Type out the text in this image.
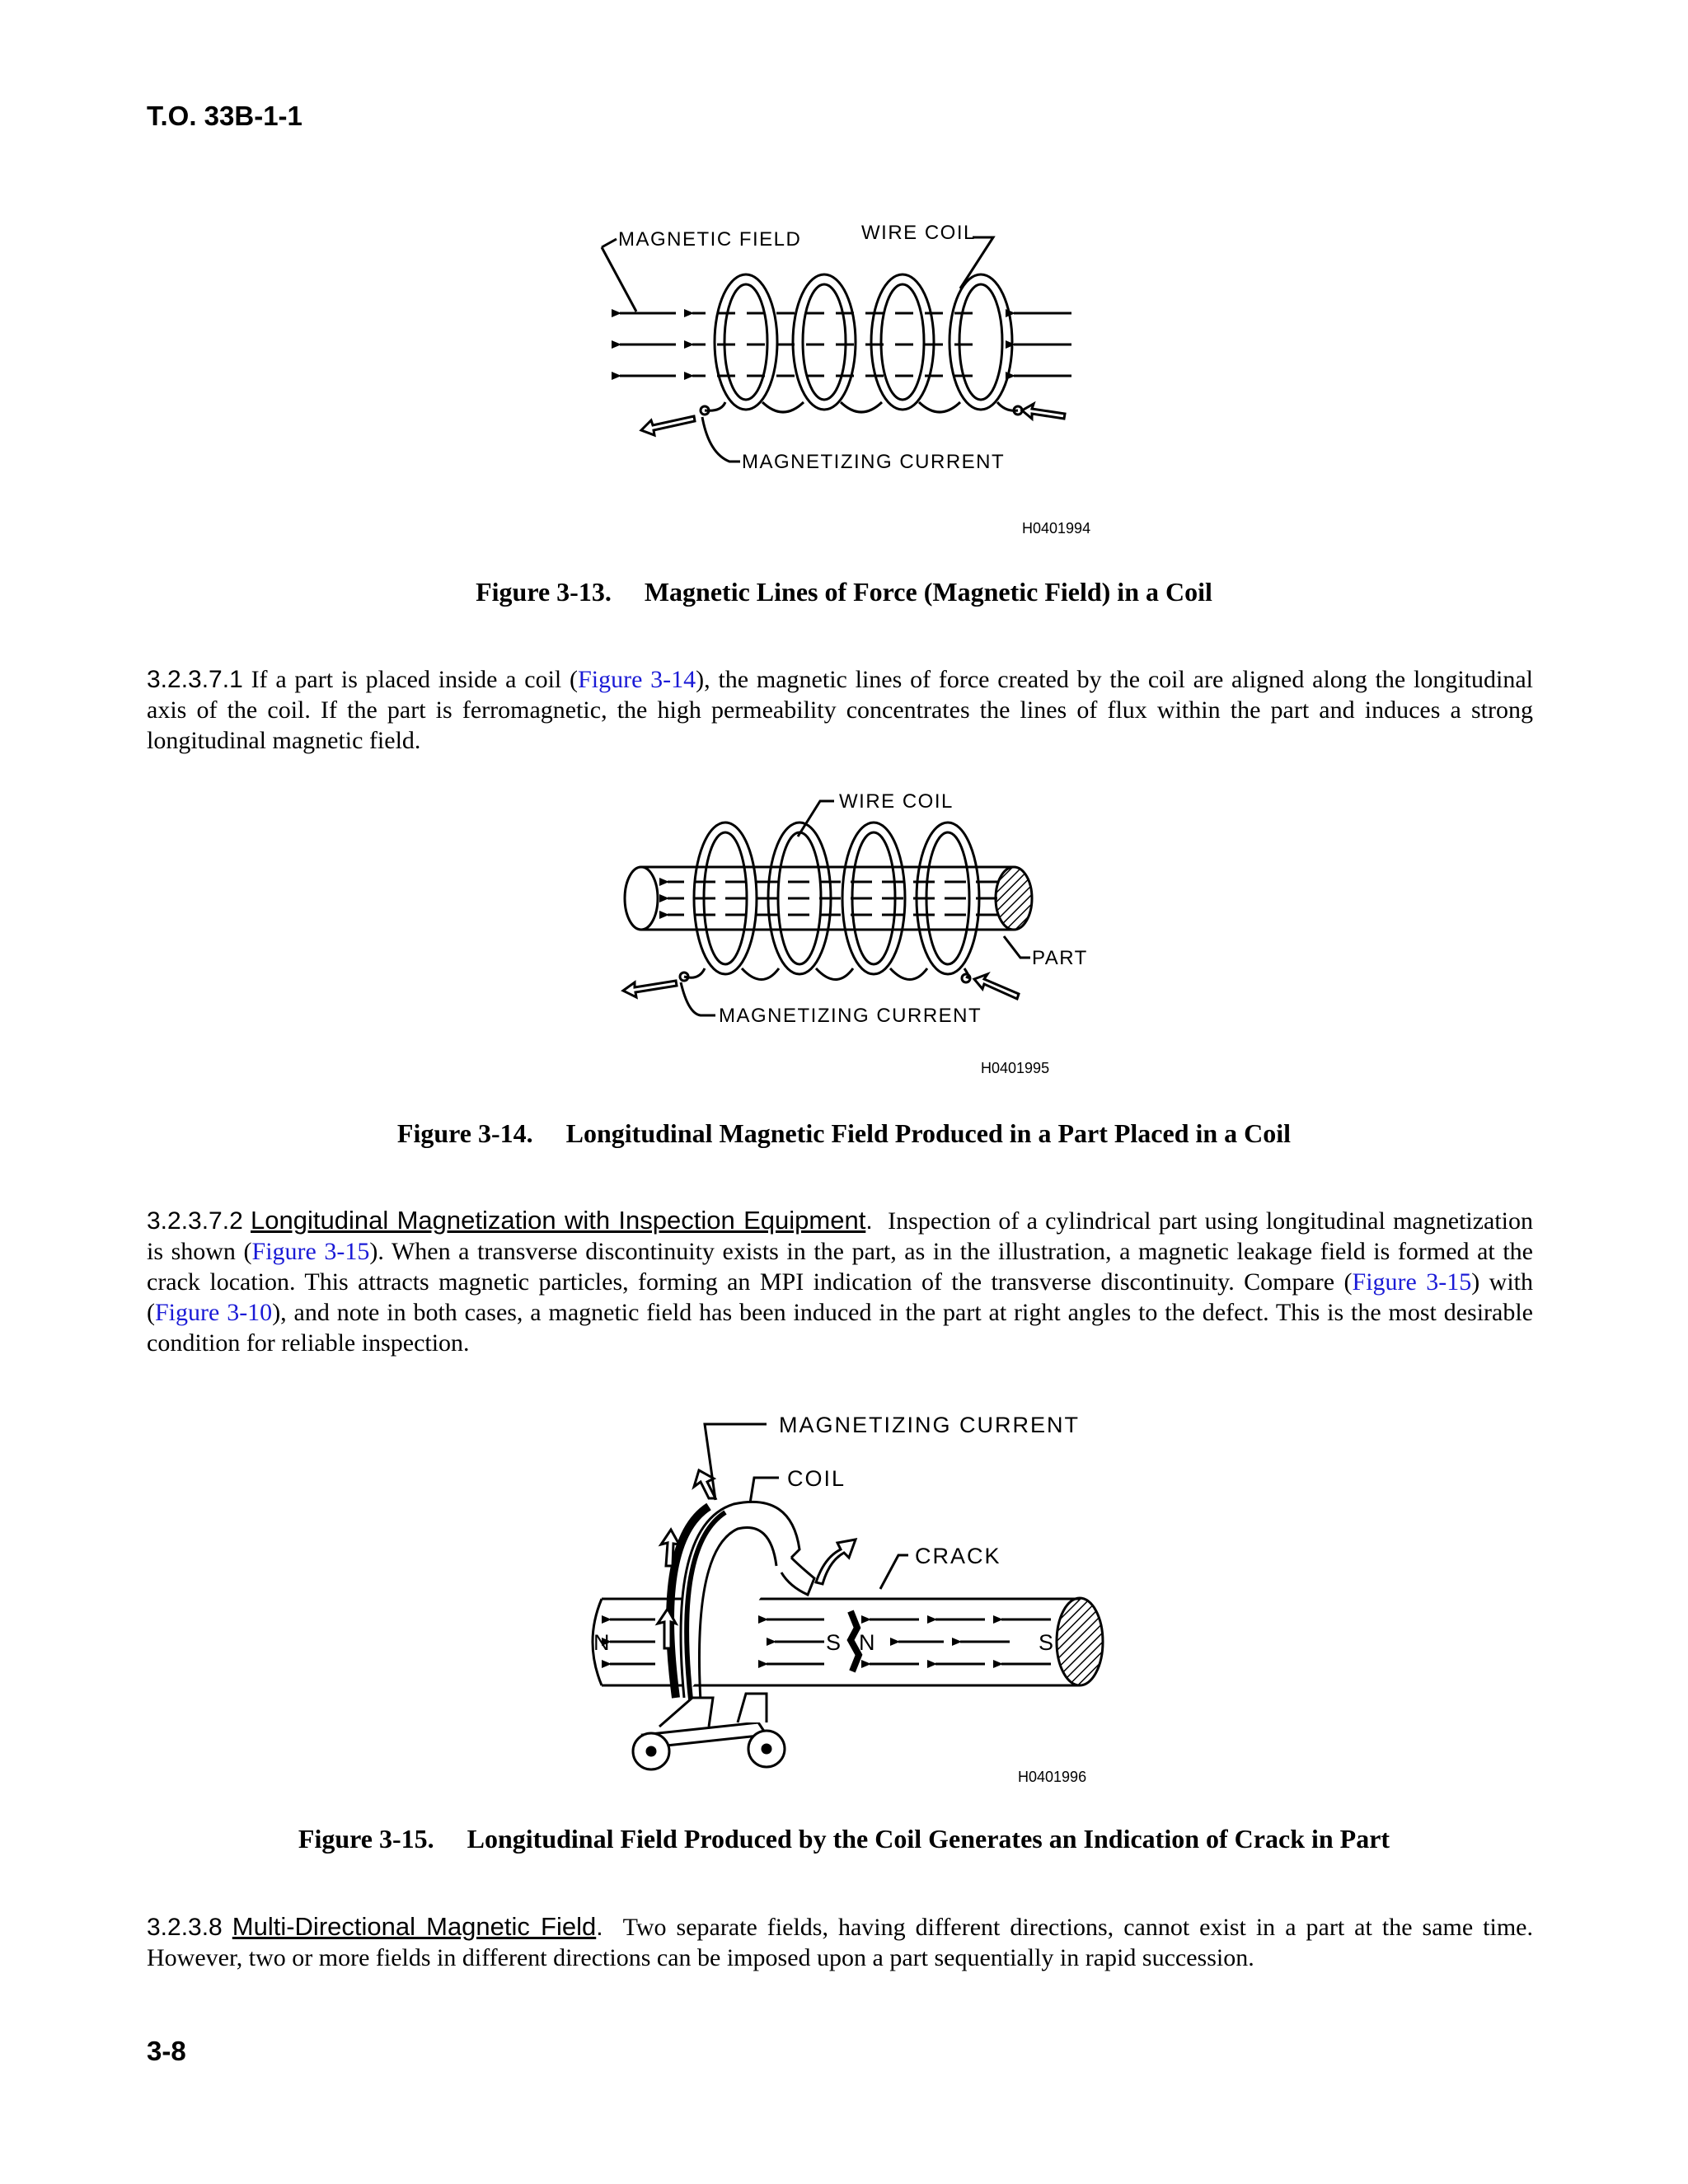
T.O. 33B-1-1
MAGNETIC FIELD	WIRE COIL
MAGNETIZING CURRENT
H0401994
Figure 3-13. Magnetic Lines of Force (Magnetic Field) in a Coil
3.2.3.7.1 If a part is placed inside a coil (Figure 3-14), the magnetic lines of force created by the coil are aligned along the longitudinal axis of the coil. If the part is ferromagnetic, the high permeability concentrates the lines of flux within the part and induces a strong longitudinal magnetic field.
WIRE COIL
PART
MAGNETIZING CURRENT
H0401995
Figure 3-14. Longitudinal Magnetic Field Produced in a Part Placed in a Coil
3.2.3.7.2 Longitudinal Magnetization with Inspection Equipment. Inspection of a cylindrical part using longitudinal magnetization is shown (Figure 3-15). When a transverse discontinuity exists in the part, as in the illustration, a magnetic leakage field is formed at the crack location. This attracts magnetic particles, forming an MPI indication of the transverse discontinuity. Compare (Figure 3-15) with (Figure 3-10), and note in both cases, a magnetic field has been induced in the part at right angles to the defect. This is the most desirable condition for reliable inspection.
MAGNETIZING CURRENT
COIL
CRACK
N	S N	S
H0401996
Figure 3-15. Longitudinal Field Produced by the Coil Generates an Indication of Crack in Part
3.2.3.8 Multi-Directional Magnetic Field. Two separate fields, having different directions, cannot exist in a part at the same time. However, two or more fields in different directions can be imposed upon a part sequentially in rapid succession.
3-8
